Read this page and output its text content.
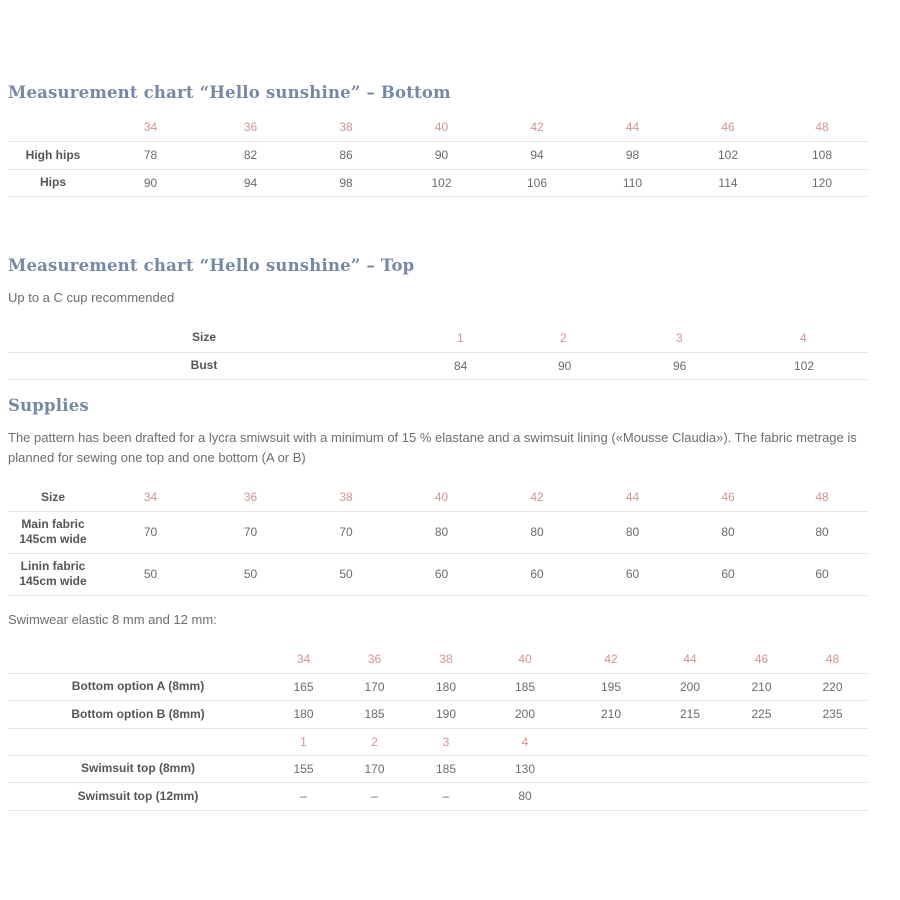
Measurement chart “Hello sunshine” – Bottom
	34	36	38	40	42	44	46	48
High hips	78	82	86	90	94	98	102	108
Hips	90	94	98	102	106	110	114	120
Measurement chart “Hello sunshine” – Top

Up to a C cup recommended

Size	1	2	3	4
Bust	84	90	96	102
Supplies

The pattern has been drafted for a lycra smiwsuit with a minimum of 15 % elastane and a swimsuit lining («Mousse Claudia»). The fabric metrage is planned for sewing one top and one bottom (A or B)

Size	34	36	38	40	42	44	46	48
Main fabric
145cm wide	70	70	70	80	80	80	80	80
Linin fabric
145cm wide	50	50	50	60	60	60	60	60

Swimwear elastic 8 mm and 12 mm:

	34	36	38	40	42	44	46	48
Bottom option A (8mm)	165	170	180	185	195	200	210	220
Bottom option B (8mm)	180	185	190	200	210	215	225	235
	1	2	3	4				
Swimsuit top (8mm)	155	170	185	130				
Swimsuit top (12mm)	–	–	–	80				
